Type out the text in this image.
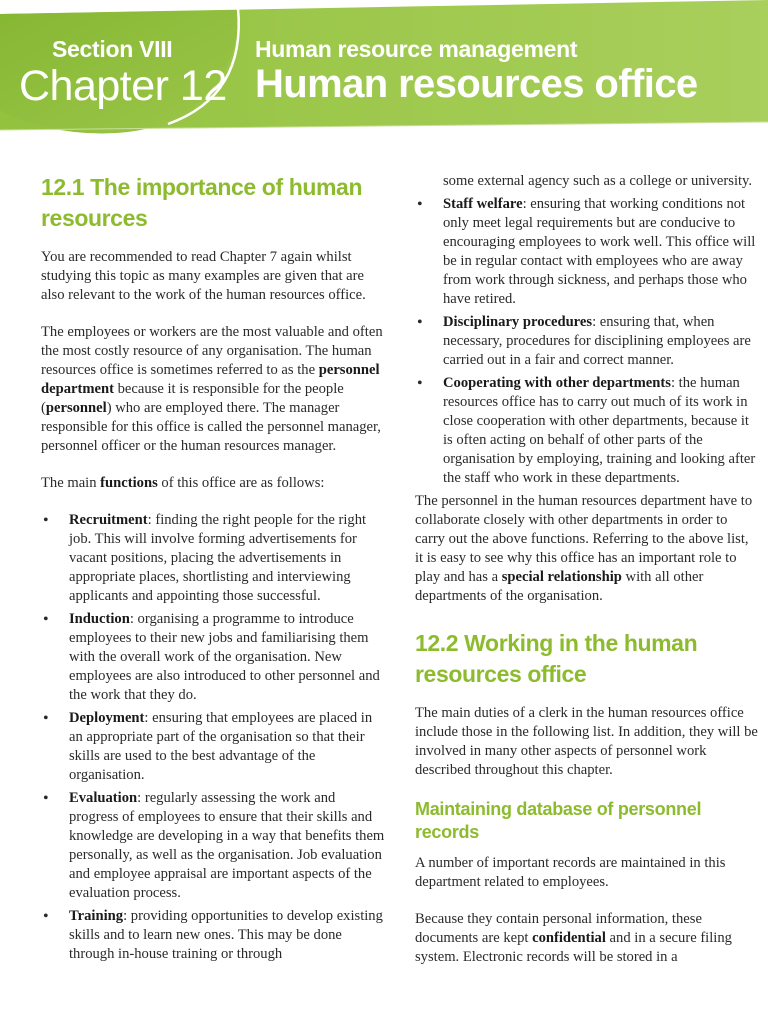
Section VIII
Chapter 12
Human resource management
Human resources office
12.1 The importance of human resources

You are recommended to read Chapter 7 again whilst studying this topic as many examples are given that are also relevant to the work of the human resources office.

The employees or workers are the most valuable and often the most costly resource of any organisation. The human resources office is sometimes referred to as the personnel department because it is responsible for the people (personnel) who are employed there. The manager responsible for this office is called the personnel manager, personnel officer or the human resources manager.

The main functions of this office are as follows:

• Recruitment: finding the right people for the right job. This will involve forming advertisements for vacant positions, placing the advertisements in appropriate places, shortlisting and interviewing applicants and appointing those successful.
• Induction: organising a programme to introduce employees to their new jobs and familiarising them with the overall work of the organisation. New employees are also introduced to other personnel and the work that they do.
• Deployment: ensuring that employees are placed in an appropriate part of the organisation so that their skills are used to the best advantage of the organisation.
• Evaluation: regularly assessing the work and progress of employees to ensure that their skills and knowledge are developing in a way that benefits them personally, as well as the organisation. Job evaluation and employee appraisal are important aspects of the evaluation process.
• Training: providing opportunities to develop existing skills and to learn new ones. This may be done through in-house training or through
some external agency such as a college or university.
• Staff welfare: ensuring that working conditions not only meet legal requirements but are conducive to encouraging employees to work well. This office will be in regular contact with employees who are away from work through sickness, and perhaps those who have retired.
• Disciplinary procedures: ensuring that, when necessary, procedures for disciplining employees are carried out in a fair and correct manner.
• Cooperating with other departments: the human resources office has to carry out much of its work in close cooperation with other departments, because it is often acting on behalf of other parts of the organisation by employing, training and looking after the staff who work in these departments.

The personnel in the human resources department have to collaborate closely with other departments in order to carry out the above functions. Referring to the above list, it is easy to see why this office has an important role to play and has a special relationship with all other departments of the organisation.

12.2 Working in the human resources office

The main duties of a clerk in the human resources office include those in the following list. In addition, they will be involved in many other aspects of personnel work described throughout this chapter.

Maintaining database of personnel records

A number of important records are maintained in this department related to employees.

Because they contain personal information, these documents are kept confidential and in a secure filing system. Electronic records will be stored in a
